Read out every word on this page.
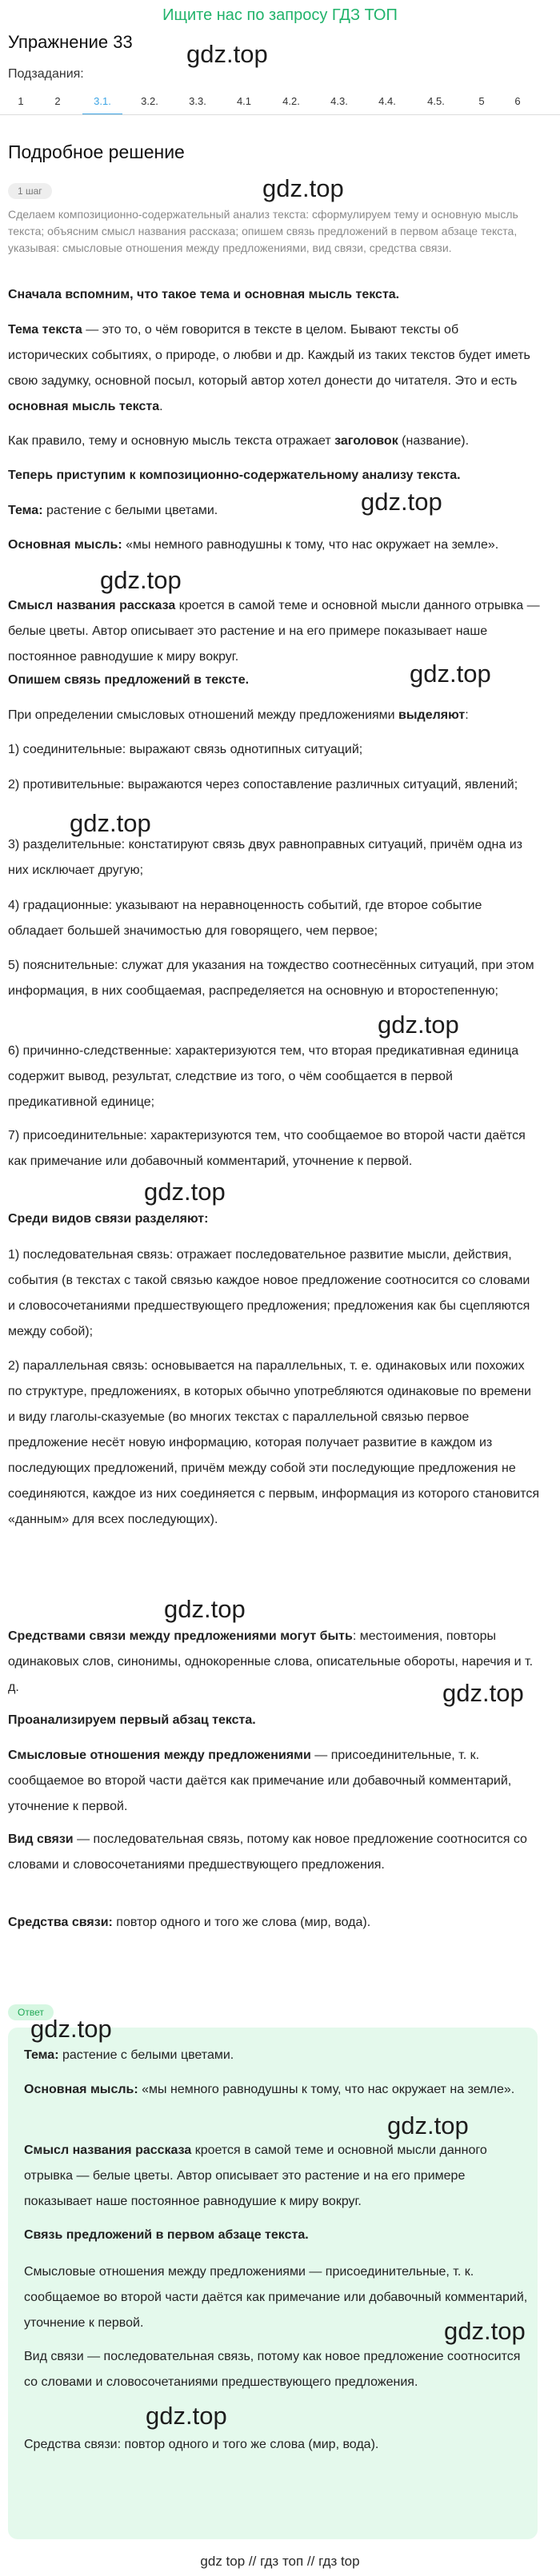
Ищите нас по запросу ГДЗ ТОП
Упражнение 33 gdz.top
Подзадания:
1	2	3.1.	3.2.	3.3.	4.1	4.2.	4.3.	4.4.	4.5.	5	6
Подробное решение
gdz.top
1 шаг
Сделаем композиционно-содержательный анализ текста: сформулируем тему и основную мысль текста; объясним смысл названия рассказа; опишем связь предложений в первом абзаце текста, указывая: смысловые отношения между предложениями, вид связи, средства связи.
Сначала вспомним, что такое тема и основная мысль текста.
Тема текста — это то, о чём говорится в тексте в целом. Бывают тексты об исторических событиях, о природе, о любви и др. Каждый из таких текстов будет иметь свою задумку, основной посыл, который автор хотел донести до читателя. Это и есть основная мысль текста.
Как правило, тему и основную мысль текста отражает заголовок (название).
Теперь приступим к композиционно-содержательному анализу текста.
Тема: растение с белыми цветами.	gdz.top
Основная мысль: «мы немного равнодушны к тому, что нас окружает на земле».
gdz.top
Смысл названия рассказа кроется в самой теме и основной мысли данного отрывка — белые цветы. Автор описывает это растение и на его примере показывает наше постоянное равнодушие к миру вокруг.
Опишем связь предложений в тексте.	gdz.top
При определении смысловых отношений между предложениями выделяют:
1) соединительные: выражают связь однотипных ситуаций;
2) противительные: выражаются через сопоставление различных ситуаций, явлений;
gdz.top
3) разделительные: констатируют связь двух равноправных ситуаций, причём одна из них исключает другую;
4) градационные: указывают на неравноценность событий, где второе событие обладает большей значимостью для говорящего, чем первое;
5) пояснительные: служат для указания на тождество соотнесённых ситуаций, при этом информация, в них сообщаемая, распределяется на основную и второстепенную;
gdz.top
6) причинно-следственные: характеризуются тем, что вторая предикативная единица содержит вывод, результат, следствие из того, о чём сообщается в первой предикативной единице;
7) присоединительные: характеризуются тем, что сообщаемое во второй части даётся как примечание или добавочный комментарий, уточнение к первой.
gdz.top
Среди видов связи разделяют:
1) последовательная связь: отражает последовательное развитие мысли, действия, события (в текстах с такой связью каждое новое предложение соотносится со словами и словосочетаниями предшествующего предложения; предложения как бы сцепляются между собой);
2) параллельная связь: основывается на параллельных, т. е. одинаковых или похожих по структуре, предложениях, в которых обычно употребляются одинаковые по времени и виду глаголы-сказуемые (во многих текстах с параллельной связью первое предложение несёт новую информацию, которая получает развитие в каждом из последующих предложений, причём между собой эти последующие предложения не соединяются, каждое из них соединяется с первым, информация из которого становится «данным» для всех последующих).
gdz.top
Средствами связи между предложениями могут быть: местоимения, повторы одинаковых слов, синонимы, однокоренные слова, описательные обороты, наречия и т. д.	gdz.top
Проанализируем первый абзац текста.
Смысловые отношения между предложениями — присоединительные, т. к. сообщаемое во второй части даётся как примечание или добавочный комментарий, уточнение к первой.
Вид связи — последовательная связь, потому как новое предложение соотносится со словами и словосочетаниями предшествующего предложения.
Средства связи: повтор одного и того же слова (мир, вода).
Ответ
gdz.top
Тема: растение с белыми цветами.
Основная мысль: «мы немного равнодушны к тому, что нас окружает на земле».
gdz.top
Смысл названия рассказа кроется в самой теме и основной мысли данного отрывка — белые цветы. Автор описывает это растение и на его примере показывает наше постоянное равнодушие к миру вокруг.
Связь предложений в первом абзаце текста.
Смысловые отношения между предложениями — присоединительные, т. к. сообщаемое во второй части даётся как примечание или добавочный комментарий, уточнение к первой.	gdz.top
Вид связи — последовательная связь, потому как новое предложение соотносится со словами и словосочетаниями предшествующего предложения.
gdz.top
Средства связи: повтор одного и того же слова (мир, вода).
gdz top // гдз топ // гдз top
